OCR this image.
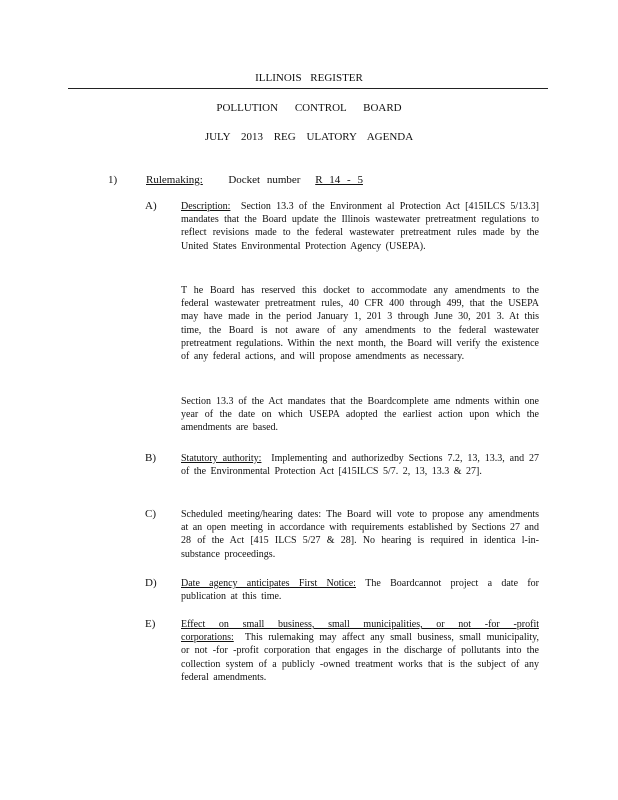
ILLINOIS REGISTER
POLLUTION CONTROL BOARD
JULY 2013 REG ULATORY AGENDA
1)	Rulemaking: Docket number R 14 - 5
A) Description: Section 13.3 of the Environment al Protection Act [415ILCS 5/13.3] mandates that the Board update the Illinois wastewater pretreatment regulations to reflect revisions made to the federal wastewater pretreatment rules made by the United States Environmental Protection Agency (USEPA).

T he Board has reserved this docket to accommodate any amendments to the federal wastewater pretreatment rules, 40 CFR 400 through 499, that the USEPA may have made in the period January 1, 201 3 through June 30, 201 3. At this time, the Board is not aware of any amendments to the federal wastewater pretreatment regulations. Within the next month, the Board will verify the existence of any federal actions, and will propose amendments as necessary.

Section 13.3 of the Act mandates that the Boardcomplete ame ndments within one year of the date on which USEPA adopted the earliest action upon which the amendments are based.

B)	Statutory authority: Implementing and authorizedby Sections 7.2, 13, 13.3, and 27 of the Environmental Protection Act [415ILCS 5/7. 2, 13, 13.3 & 27].

C)	Scheduled meeting/hearing dates: The Board will vote to propose any amendments at an open meeting in accordance with requirements established by Sections 27 and 28 of the Act [415 ILCS 5/27 & 28]. No hearing is required in identica l-in-substance proceedings.

D) Date agency anticipates First Notice: The Boardcannot project a date for publication at this time.

E)	Effect on small business, small municipalities, or not -for -profit corporations: This rulemaking may affect any small business, small municipality, or not -for -profit corporation that engages in the discharge of pollutants into the collection system of a publicly -owned treatment works that is the subject of any federal amendments.
